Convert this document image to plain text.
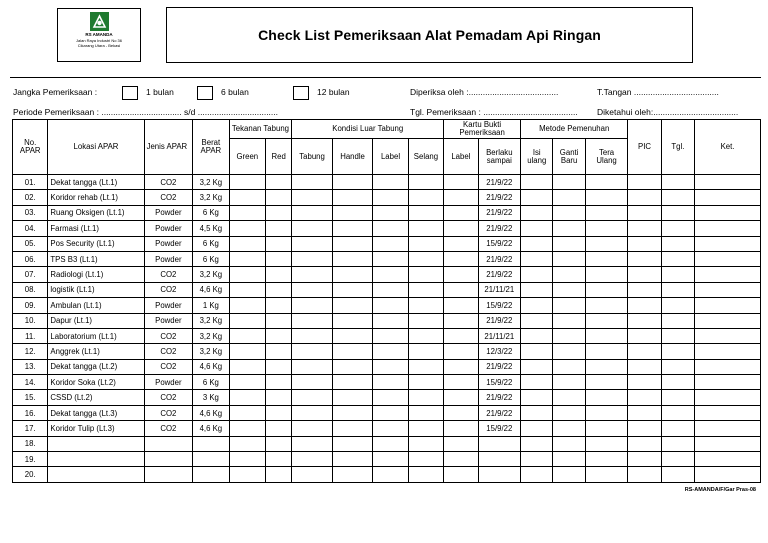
RS AMANDA
Jalan Raya Industri No 36
Cikarang Utara - Bekasi
Check List Pemeriksaan Alat Pemadam Api Ringan
Jangka Pemeriksaan :	1 bulan	6 bulan	12 bulan	Diperiksa oleh :......................................	T.Tangan ....................................
Periode Pemeriksaan : .................................. s/d ..................................	Tgl. Pemeriksaan : ........................................ Diketahui oleh:....................................
No. APAR	Lokasi APAR	Jenis APAR	Berat APAR	Tekanan Tabung		Kondisi Luar Tabung				Kartu Bukti Pemeriksaan		Metode Pemenuhan			PIC	Tgl.	Ket.
				Green	Red	Tabung	Handle	Label	Selang	Label	Berlaku sampai	Isi ulang	Ganti Baru	Tera Ulang			
01.	Dekat tangga (Lt.1)	CO2	3,2 Kg								21/9/22						
02.	Koridor rehab (Lt.1)	CO2	3,2 Kg								21/9/22						
03.	Ruang Oksigen (Lt.1)	Powder	6 Kg								21/9/22						
04.	Farmasi (Lt.1)	Powder	4,5 Kg								21/9/22						
05.	Pos Security (Lt.1)	Powder	6 Kg								15/9/22						
06.	TPS B3 (Lt.1)	Powder	6 Kg								21/9/22						
07.	Radiologi (Lt.1)	CO2	3,2 Kg								21/9/22						
08.	logistik (Lt.1)	CO2	4,6 Kg								21/11/21						
09.	Ambulan (Lt.1)	Powder	1 Kg								15/9/22						
10.	Dapur (Lt.1)	Powder	3,2 Kg								21/9/22						
11.	Laboratorium (Lt.1)	CO2	3,2 Kg								21/11/21						
12.	Anggrek (Lt.1)	CO2	3,2 Kg								12/3/22						
13.	Dekat tangga (Lt.2)	CO2	4,6 Kg								21/9/22						
14.	Koridor Soka (Lt.2)	Powder	6 Kg								15/9/22						
15.	CSSD (Lt.2)	CO2	3 Kg								21/9/22						
16.	Dekat tangga (Lt.3)	CO2	4,6 Kg								21/9/22						
17.	Koridor Tulip (Lt.3)	CO2	4,6 Kg								15/9/22						
18.																	
19.																	
20.																	
RS-AMANDA/F/Gar Pras-08
